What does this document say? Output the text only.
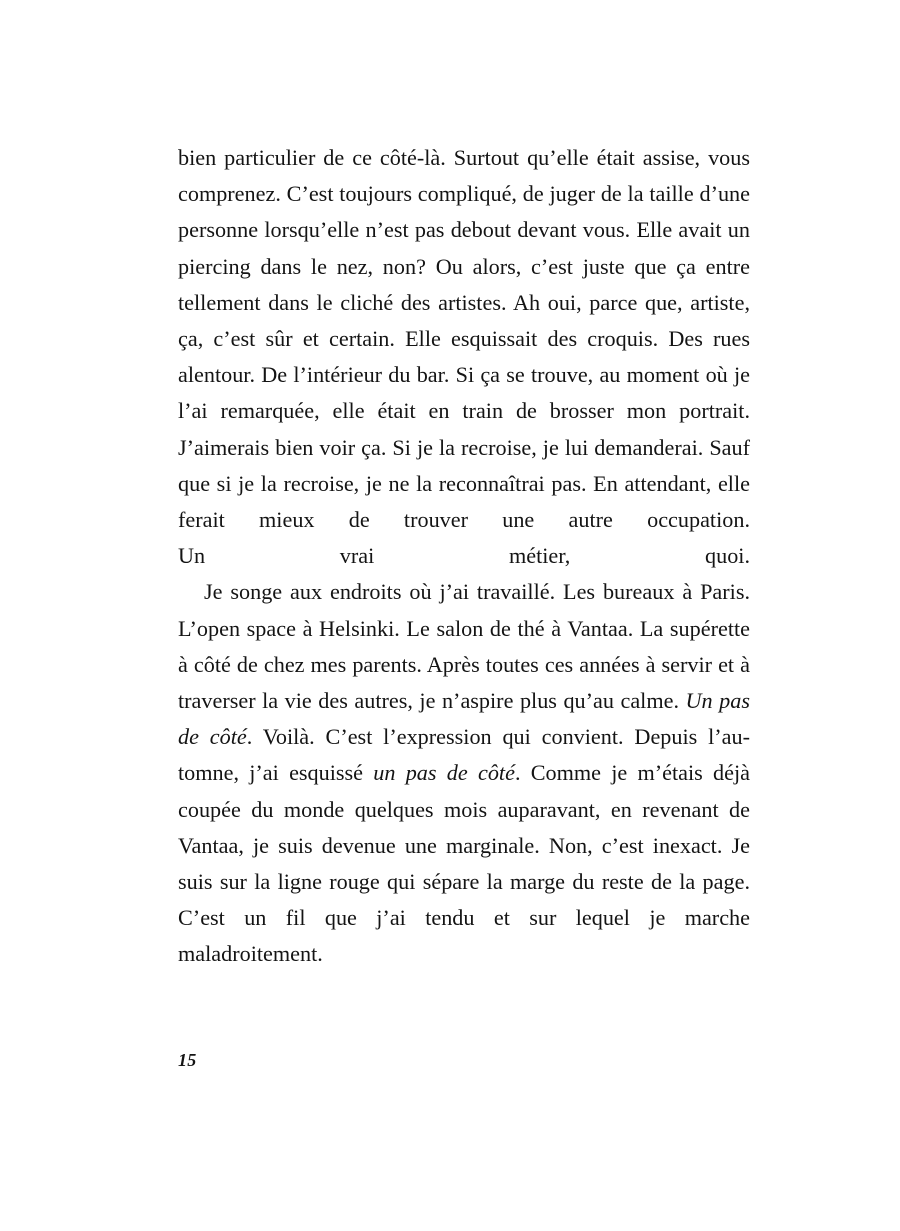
bien particulier de ce côté-là. Surtout qu’elle était assise, vous comprenez. C’est toujours compliqué, de juger de la taille d’une personne lorsqu’elle n’est pas debout devant vous. Elle avait un piercing dans le nez, non? Ou alors, c’est juste que ça entre tellement dans le cliché des artistes. Ah oui, parce que, artiste, ça, c’est sûr et certain. Elle esquissait des croquis. Des rues alentour. De l’intérieur du bar. Si ça se trouve, au moment où je l’ai remarquée, elle était en train de brosser mon portrait. J’aimerais bien voir ça. Si je la recroise, je lui demanderai. Sauf que si je la recroise, je ne la reconnaîtrai pas. En attendant, elle ferait mieux de trouver une autre occupation.
Un vrai métier, quoi.

Je songe aux endroits où j’ai travaillé. Les bureaux à Paris. L’open space à Helsinki. Le salon de thé à Vantaa. La supérette à côté de chez mes parents. Après toutes ces années à servir et à traverser la vie des autres, je n’aspire plus qu’au calme. Un pas de côté. Voilà. C’est l’expression qui convient. Depuis l’automne, j’ai esquissé un pas de côté. Comme je m’étais déjà coupée du monde quelques mois auparavant, en revenant de Vantaa, je suis devenue une marginale. Non, c’est inexact. Je suis sur la ligne rouge qui sépare la marge du reste de la page. C’est un fil que j’ai tendu et sur lequel je marche maladroitement.

15
